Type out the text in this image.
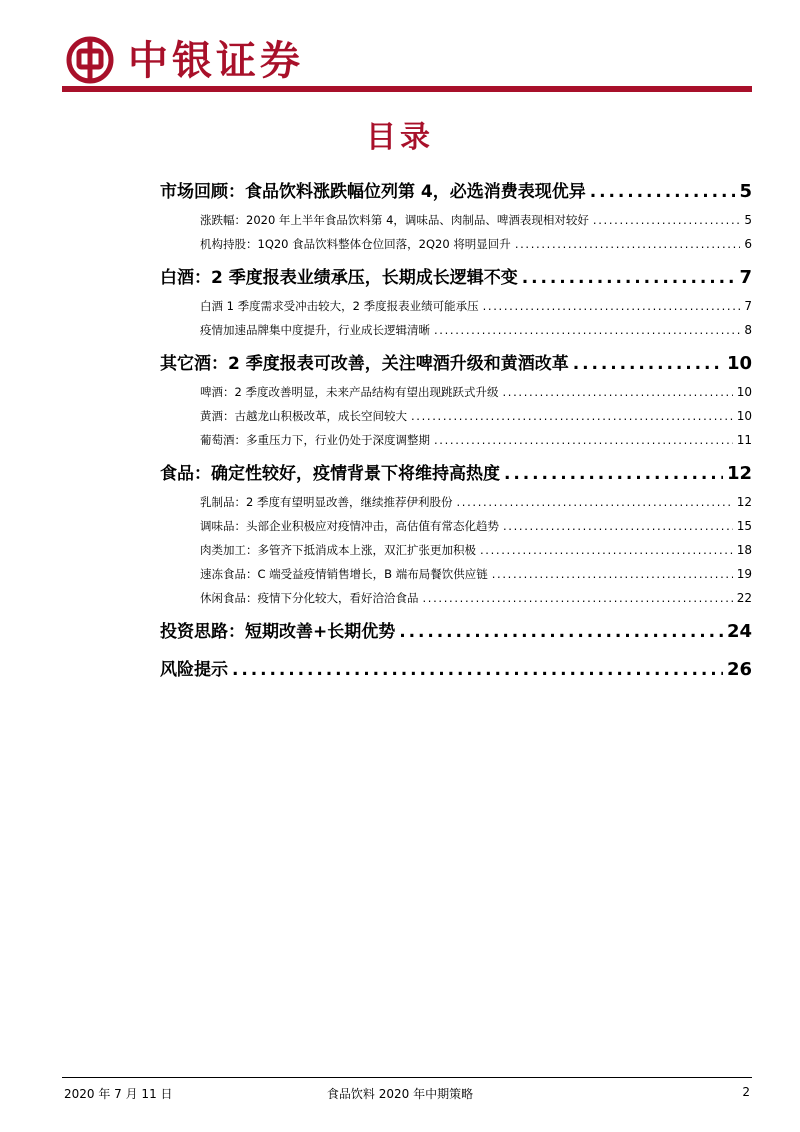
中银证券
目录
市场回顾：食品饮料涨跌幅位列第 4，必选消费表现优异 . . .	5
涨跌幅：2020 年上半年食品饮料第 4，调味品、肉制品、啤酒表现相对较好 . . .	5
机构持股：1Q20 食品饮料整体仓位回落，2Q20 将明显回升 . . .	6
白酒：2 季度报表业绩承压，长期成长逻辑不变 . . .	7
白酒 1 季度需求受冲击较大，2 季度报表业绩可能承压 . . .	7
疫情加速品牌集中度提升，行业成长逻辑清晰 . . .	8
其它酒：2 季度报表可改善，关注啤酒升级和黄酒改革 . . .	10
啤酒：2 季度改善明显，未来产品结构有望出现跳跃式升级 . . .	10
黄酒：古越龙山积极改革，成长空间较大 . . .	10
葡萄酒：多重压力下，行业仍处于深度调整期 . . .	11
食品：确定性较好，疫情背景下将维持高热度 . . .	12
乳制品：2 季度有望明显改善，继续推荐伊利股份 . . .	12
调味品：头部企业积极应对疫情冲击，高估值有常态化趋势 . . .	15
肉类加工：多管齐下抵消成本上涨，双汇扩张更加积极 . . .	18
速冻食品：C 端受益疫情销售增长，B 端布局餐饮供应链 . . .	19
休闲食品：疫情下分化较大，看好洽洽食品 . . .	22
投资思路：短期改善+长期优势 . . .	24
风险提示 . . .	26
2020 年 7 月 11 日	食品饮料 2020 年中期策略	2
